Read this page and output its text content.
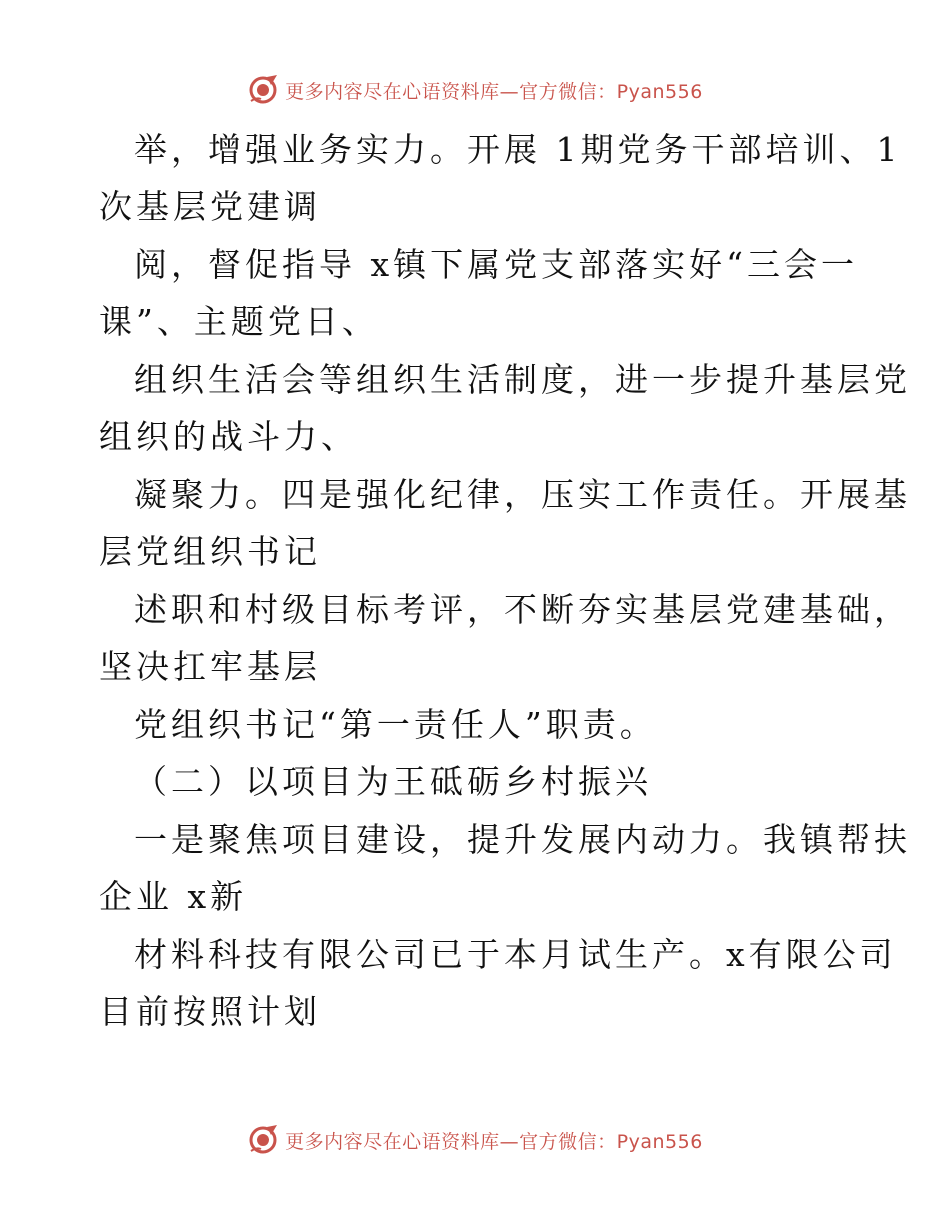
更多内容尽在心语资料库—官方微信：Pyan556
举，增强业务实力。开展 1期党务干部培训、1
次基层党建调
阅，督促指导 x镇下属党支部落实好“三会一
课”、主题党日、
组织生活会等组织生活制度，进一步提升基层党
组织的战斗力、
凝聚力。四是强化纪律，压实工作责任。开展基
层党组织书记
述职和村级目标考评，不断夯实基层党建基础，
坚决扛牢基层
党组织书记“第一责任人”职责。
（二）以项目为王砥砺乡村振兴
一是聚焦项目建设，提升发展内动力。我镇帮扶
企业 x新
材料科技有限公司已于本月试生产。x有限公司
目前按照计划
更多内容尽在心语资料库—官方微信：Pyan556
